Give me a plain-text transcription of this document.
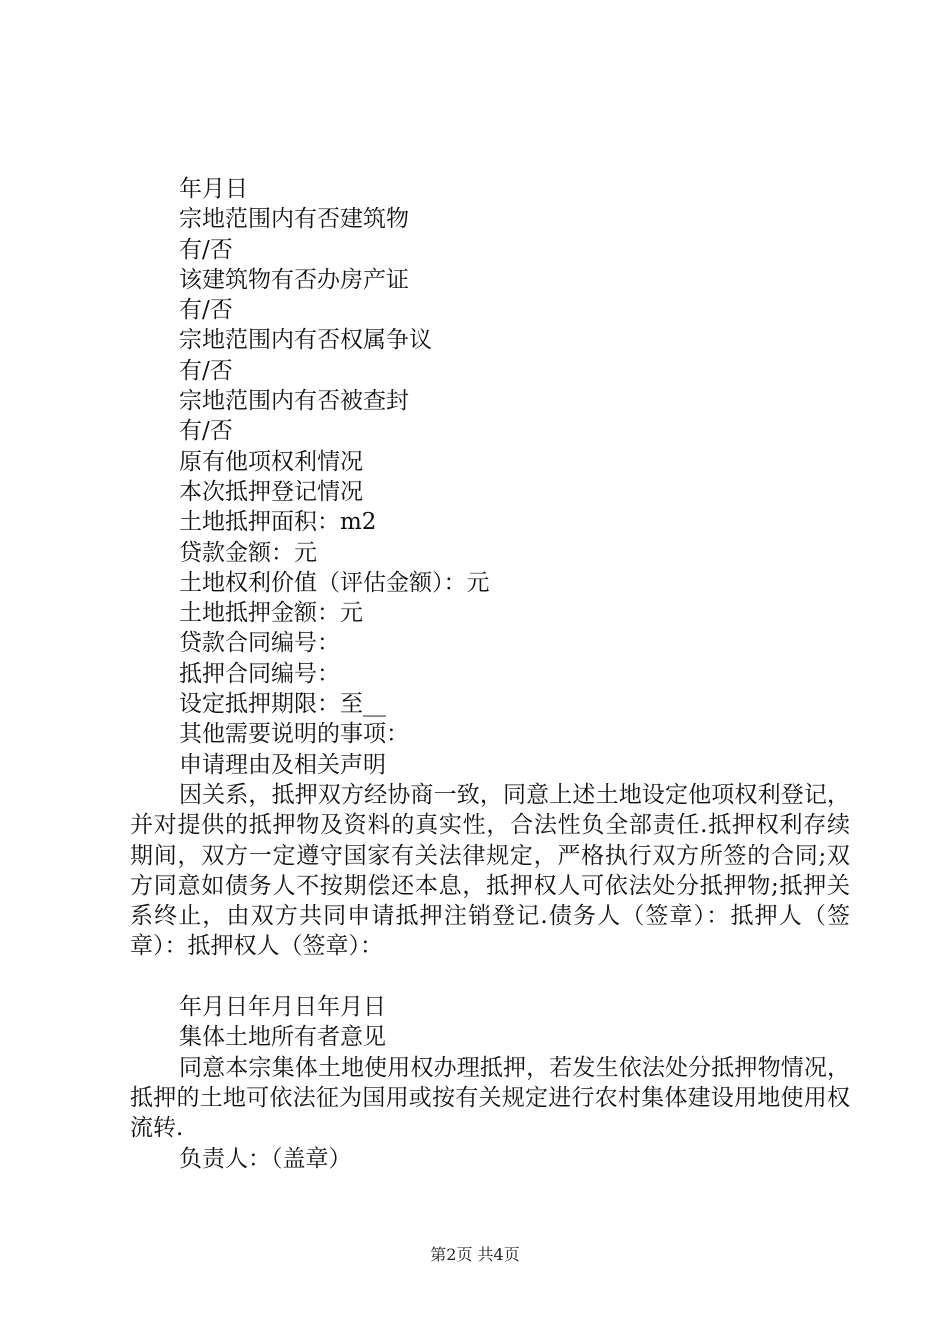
年月日
宗地范围内有否建筑物
有/否
该建筑物有否办房产证
有/否
宗地范围内有否权属争议
有/否
宗地范围内有否被查封
有/否
原有他项权利情况
本次抵押登记情况
土地抵押面积：m2
贷款金额：元
土地权利价值（评估金额）：元
土地抵押金额：元
贷款合同编号：
抵押合同编号：
设定抵押期限：至__
其他需要说明的事项：
申请理由及相关声明
因关系，抵押双方经协商一致，同意上述土地设定他项权利登记，并对提供的抵押物及资料的真实性，合法性负全部责任.抵押权利存续期间，双方一定遵守国家有关法律规定，严格执行双方所签的合同;双方同意如债务人不按期偿还本息，抵押权人可依法处分抵押物;抵押关系终止，由双方共同申请抵押注销登记.债务人（签章）：抵押人（签章）：抵押权人（签章）：
年月日年月日年月日
集体土地所有者意见
同意本宗集体土地使用权办理抵押，若发生依法处分抵押物情况，抵押的土地可依法征为国用或按有关规定进行农村集体建设用地使用权流转.
负责人：（盖章）
第2页 共4页
